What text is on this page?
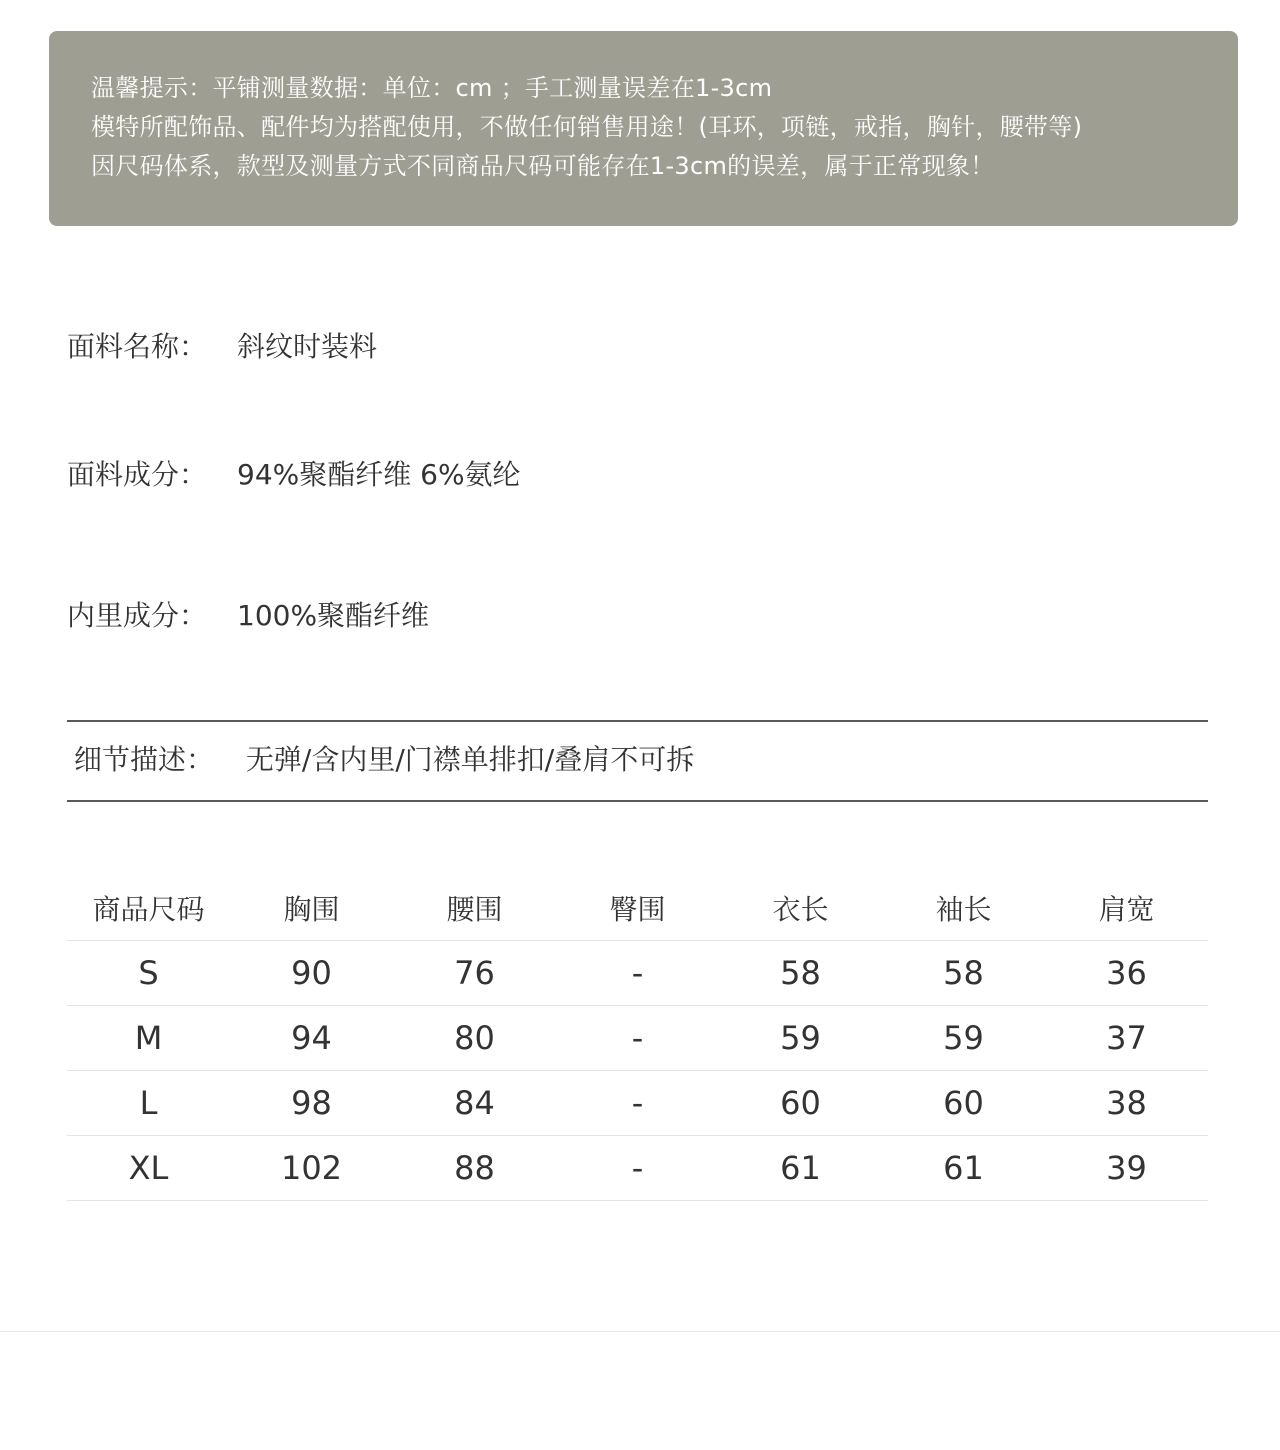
温馨提示：平铺测量数据：单位：cm ；手工测量误差在1-3cm
模特所配饰品、配件均为搭配使用，不做任何销售用途！(耳环，项链，戒指，胸针，腰带等)
因尺码体系，款型及测量方式不同商品尺码可能存在1-3cm的误差，属于正常现象！
面料名称：	斜纹时装料
面料成分：	94%聚酯纤维 6%氨纶
内里成分：	100%聚酯纤维
细节描述： 无弹/含内里/门襟单排扣/叠肩不可拆
商品尺码	胸围	腰围	臀围	衣长	袖长	肩宽
S	90	76	-	58	58	36
M	94	80	-	59	59	37
L	98	84	-	60	60	38
XL	102	88	-	61	61	39
